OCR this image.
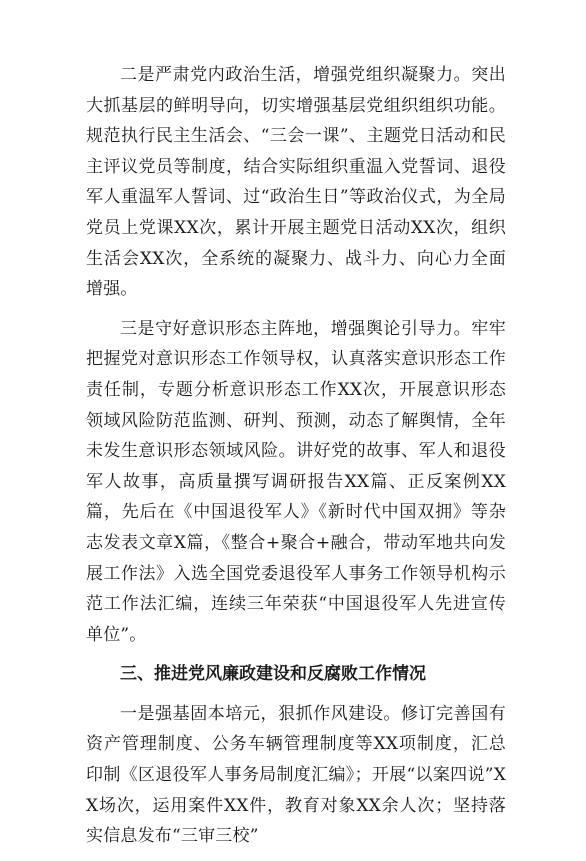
二是严肃党内政治生活，增强党组织凝聚力。突出大抓基层的鲜明导向，切实增强基层党组织组织功能。规范执行民主生活会、“三会一课”、主题党日活动和民主评议党员等制度，结合实际组织重温入党誓词、退役军人重温军人誓词、过“政治生日”等政治仪式，为全局党员上党课XX次，累计开展主题党日活动XX次，组织生活会XX次，全系统的凝聚力、战斗力、向心力全面增强。

三是守好意识形态主阵地，增强舆论引导力。牢牢把握党对意识形态工作领导权，认真落实意识形态工作责任制，专题分析意识形态工作XX次，开展意识形态领域风险防范监测、研判、预测，动态了解舆情，全年未发生意识形态领域风险。讲好党的故事、军人和退役军人故事，高质量撰写调研报告XX篇、正反案例XX篇，先后在《中国退役军人》《新时代中国双拥》等杂志发表文章X篇，《整合+聚合+融合，带动军地共向发展工作法》入选全国党委退役军人事务工作领导机构示范工作法汇编，连续三年荣获“中国退役军人先进宣传单位”。

三、推进党风廉政建设和反腐败工作情况

一是强基固本培元，狠抓作风建设。修订完善国有资产管理制度、公务车辆管理制度等XX项制度，汇总印制《区退役军人事务局制度汇编》；开展“以案四说”XX场次，运用案件XX件，教育对象XX余人次；坚持落实信息发布“三审三校”
